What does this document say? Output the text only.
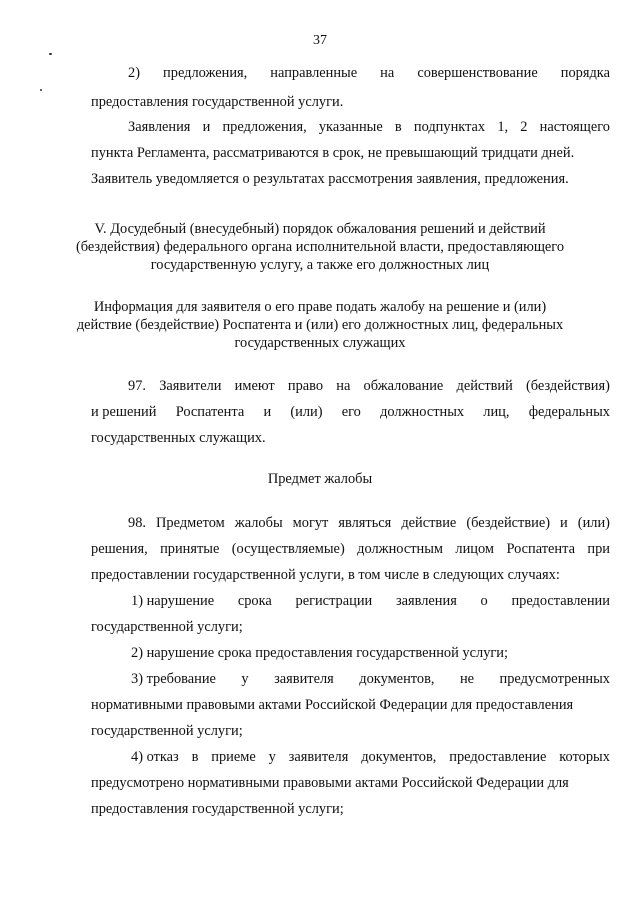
37
2) предложения, направленные на совершенствование порядка
предоставления государственной услуги.
Заявления и предложения, указанные в подпунктах 1, 2 настоящего
пункта Регламента, рассматриваются в срок, не превышающий тридцати дней.
Заявитель уведомляется о результатах рассмотрения заявления, предложения.
V. Досудебный (внесудебный) порядок обжалования решений и действий
(бездействия) федерального органа исполнительной власти, предоставляющего
государственную услугу, а также его должностных лиц
Информация для заявителя о его праве подать жалобу на решение и (или)
действие (бездействие) Роспатента и (или) его должностных лиц, федеральных
государственных служащих
97. Заявители имеют право на обжалование действий (бездействия)
и решений Роспатента и (или) его должностных лиц, федеральных
государственных служащих.
Предмет жалобы
98. Предметом жалобы могут являться действие (бездействие) и (или)
решения, принятые (осуществляемые) должностным лицом Роспатента при
предоставлении государственной услуги, в том числе в следующих случаях:
1) нарушение срока регистрации заявления о предоставлении
государственной услуги;
2) нарушение срока предоставления государственной услуги;
3) требование у заявителя документов, не предусмотренных
нормативными правовыми актами Российской Федерации для предоставления
государственной услуги;
4) отказ в приеме у заявителя документов, предоставление которых
предусмотрено нормативными правовыми актами Российской Федерации для
предоставления государственной услуги;
